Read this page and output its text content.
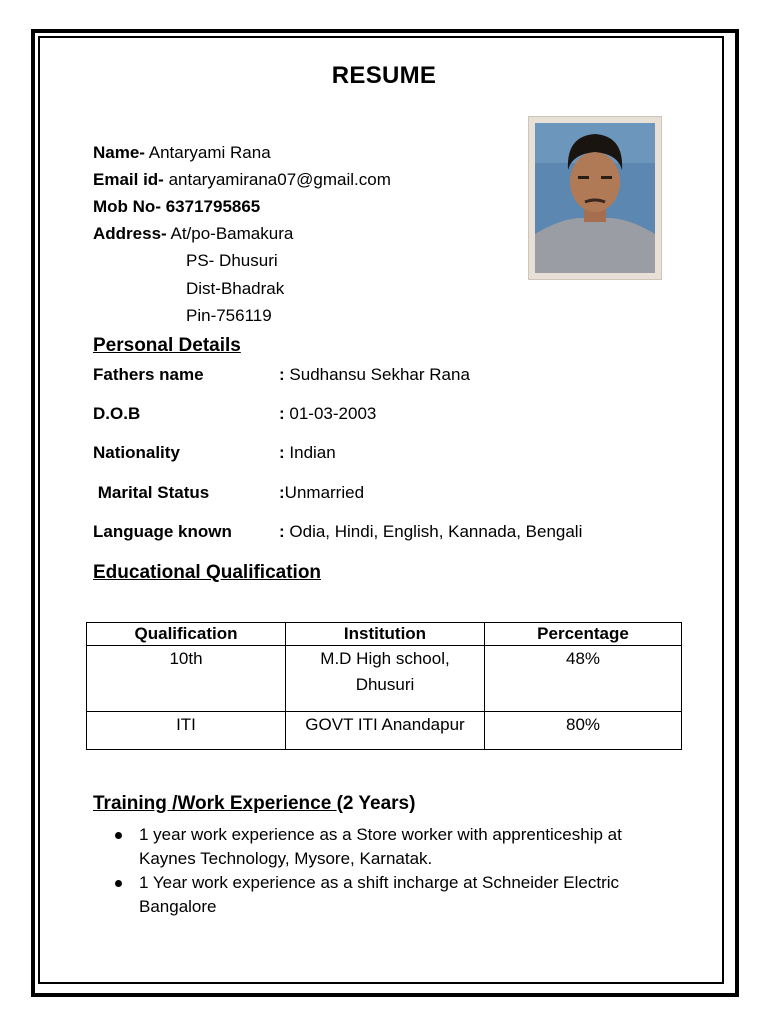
RESUME
Name- Antaryami Rana
Email id- antaryamirana07@gmail.com
Mob No- 6371795865
Address- At/po-Bamakura
PS- Dhusuri
Dist-Bhadrak
Pin-756119
Personal Details
Fathers name	: Sudhansu Sekhar Rana
D.O.B	: 01-03-2003
Nationality	: Indian
Marital Status	:Unmarried
Language known	: Odia, Hindi, English, Kannada, Bengali
Educational Qualification
Qualification	Institution	Percentage
10th	M.D High school, Dhusuri	48%
ITI	GOVT ITI Anandapur	80%
Training /Work Experience (2 Years)
1 year work experience as a Store worker with apprenticeship at Kaynes Technology, Mysore, Karnatak.
1 Year work experience as a shift incharge at Schneider Electric Bangalore
